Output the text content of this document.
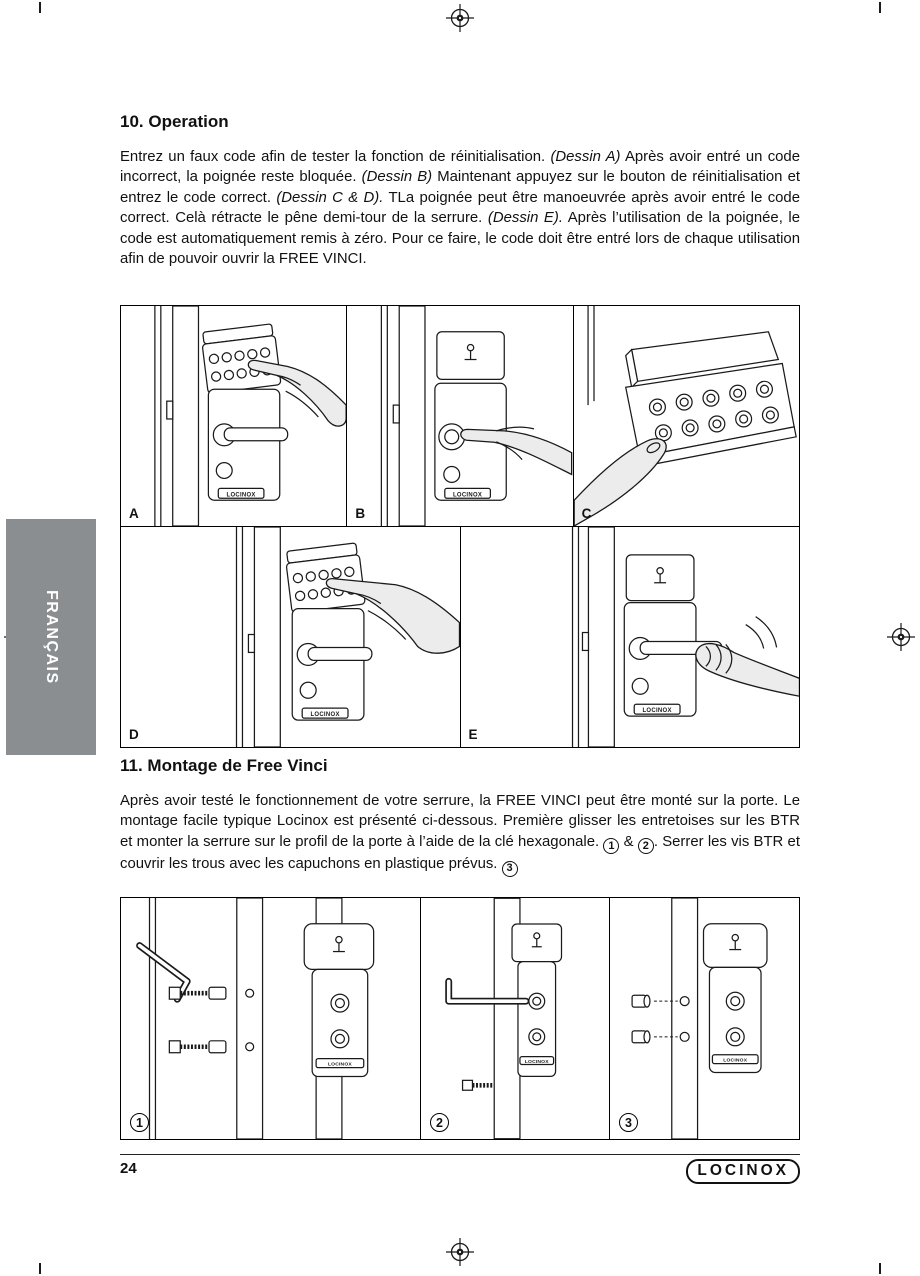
FRANÇAIS
10. Operation

Entrez un faux code afin de tester la fonction de réinitialisation. (Dessin A) Après avoir entré un code incorrect, la poignée reste bloquée. (Dessin B) Maintenant appuyez sur le bouton de réinitialisation et entrez le code correct. (Dessin C & D). TLa poignée peut être manoeuvrée après avoir entré le code correct. Celà rétracte le pêne demi-tour de la serrure. (Dessin E). Après l’utilisation de la poignée, le code est automatiquement remis à zéro. Pour ce faire, le code doit être entré lors de chaque utilisation afin de pouvoir ouvrir la FREE VINCI.

LOCINOX
A
LOCINOX
B	C
LOCINOX
D
LOCINOX
E
11. Montage de Free Vinci

Après avoir testé le fonctionnement de votre serrure, la FREE VINCI peut être monté sur la porte. Le montage facile typique Locinox est présenté ci-dessous. Première glisser les entretoises sur les BTR et monter la serrure sur le profil de la porte à l’aide de la clé hexagonale. 1 & 2 . Serrer les vis BTR et couvrir les trous avec les capuchons en plastique prévus. 3

LOCINOX
1
LOCINOX
2
LOCINOX
3
24	LOCINOX
